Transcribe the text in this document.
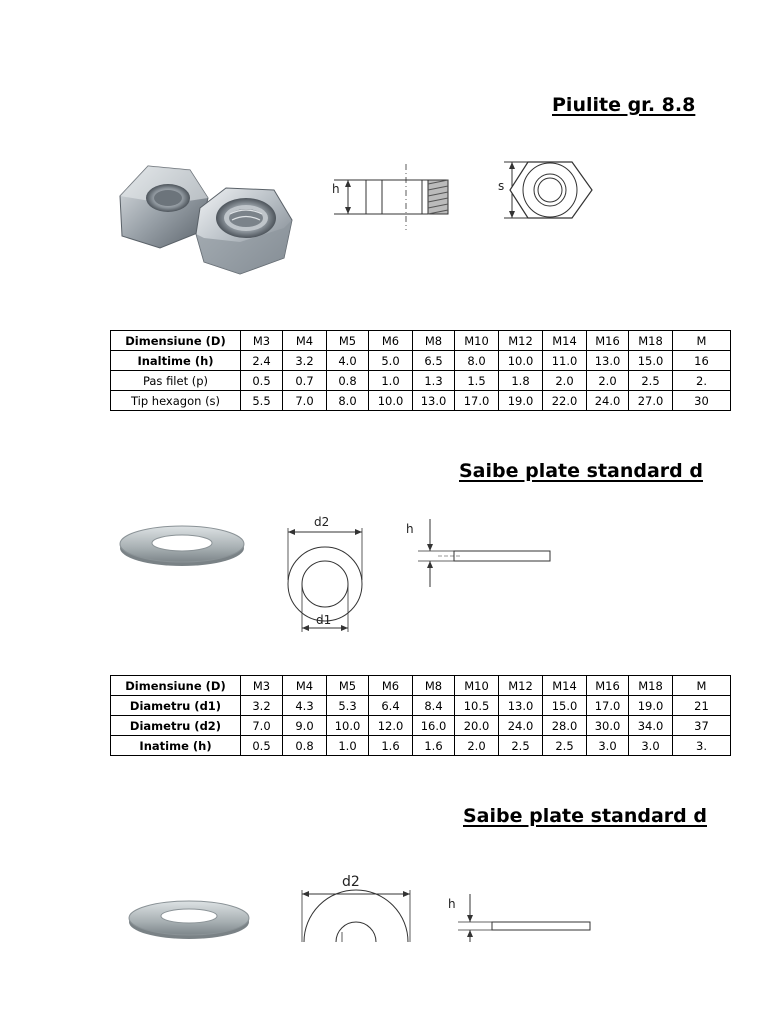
Piulite gr. 8.8
h	s
Dimensiune (D)	M3	M4	M5	M6	M8	M10	M12	M14	M16	M18	M
Inaltime (h)	2.4	3.2	4.0	5.0	6.5	8.0	10.0	11.0	13.0	15.0	16
Pas filet (p)	0.5	0.7	0.8	1.0	1.3	1.5	1.8	2.0	2.0	2.5	2.
Tip hexagon (s)	5.5	7.0	8.0	10.0	13.0	17.0	19.0	22.0	24.0	27.0	30
Saibe plate standard d
d2
d1
h
Dimensiune (D)	M3	M4	M5	M6	M8	M10	M12	M14	M16	M18	M
Diametru (d1)	3.2	4.3	5.3	6.4	8.4	10.5	13.0	15.0	17.0	19.0	21
Diametru (d2)	7.0	9.0	10.0	12.0	16.0	20.0	24.0	28.0	30.0	34.0	37
Inatime (h)	0.5	0.8	1.0	1.6	1.6	2.0	2.5	2.5	3.0	3.0	3.
Saibe plate standard d
d2
h
